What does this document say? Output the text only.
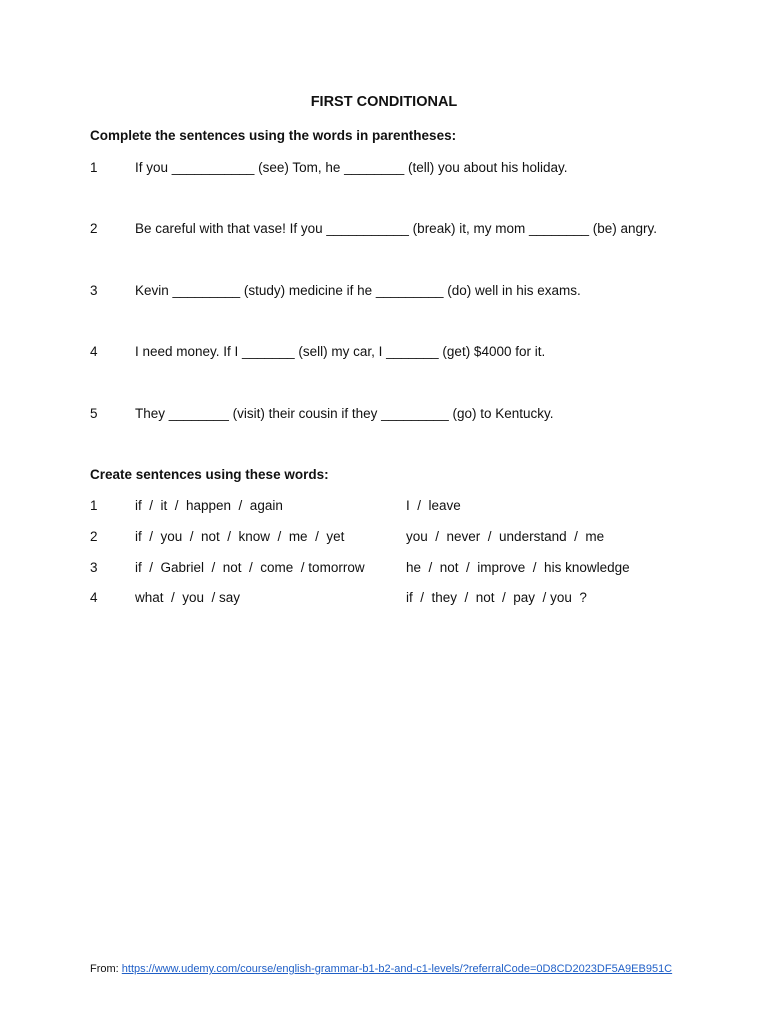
FIRST CONDITIONAL
Complete the sentences using the words in parentheses:
1	If you ___________ (see) Tom, he ________ (tell) you about his holiday.
2	Be careful with that vase! If you ___________ (break) it, my mom ________ (be) angry.
3	Kevin _________ (study) medicine if he _________ (do) well in his exams.
4	I need money. If I _______ (sell) my car, I _______ (get) $4000 for it.
5	They ________ (visit) their cousin if they _________ (go) to Kentucky.
Create sentences using these words:
1	if  /  it  /  happen  /  again	I  /  leave
2	if  /  you  /  not  /  know  /  me  /  yet	you  /  never  /  understand  /  me
3	if  /  Gabriel  /  not  /  come  / tomorrow	he  /  not  /  improve  /  his knowledge
4	what  /  you  / say	if  /  they  /  not  /  pay  / you  ?
From: https://www.udemy.com/course/english-grammar-b1-b2-and-c1-levels/?referralCode=0D8CD2023DF5A9EB951C
